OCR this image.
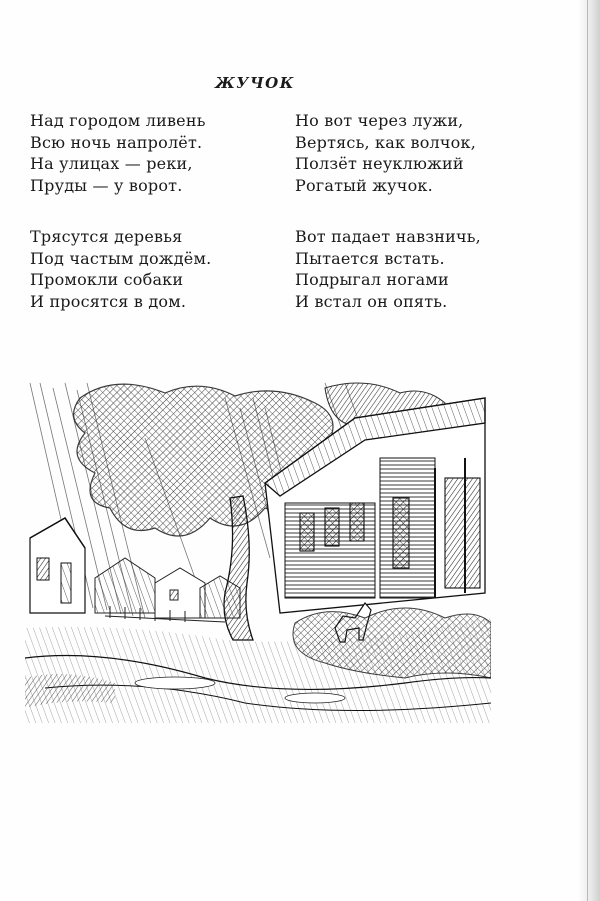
ЖУЧОК
Над городом ливень
Всю ночь напролёт.
На улицах — реки,
Пруды — у ворот.
Но вот через лужи,
Вертясь, как волчок,
Ползёт неуклюжий
Рогатый жучок.
Трясутся деревья
Под частым дождём.
Промокли собаки
И просятся в дом.
Вот падает навзничь,
Пытается встать.
Подрыгал ногами
И встал он опять.
